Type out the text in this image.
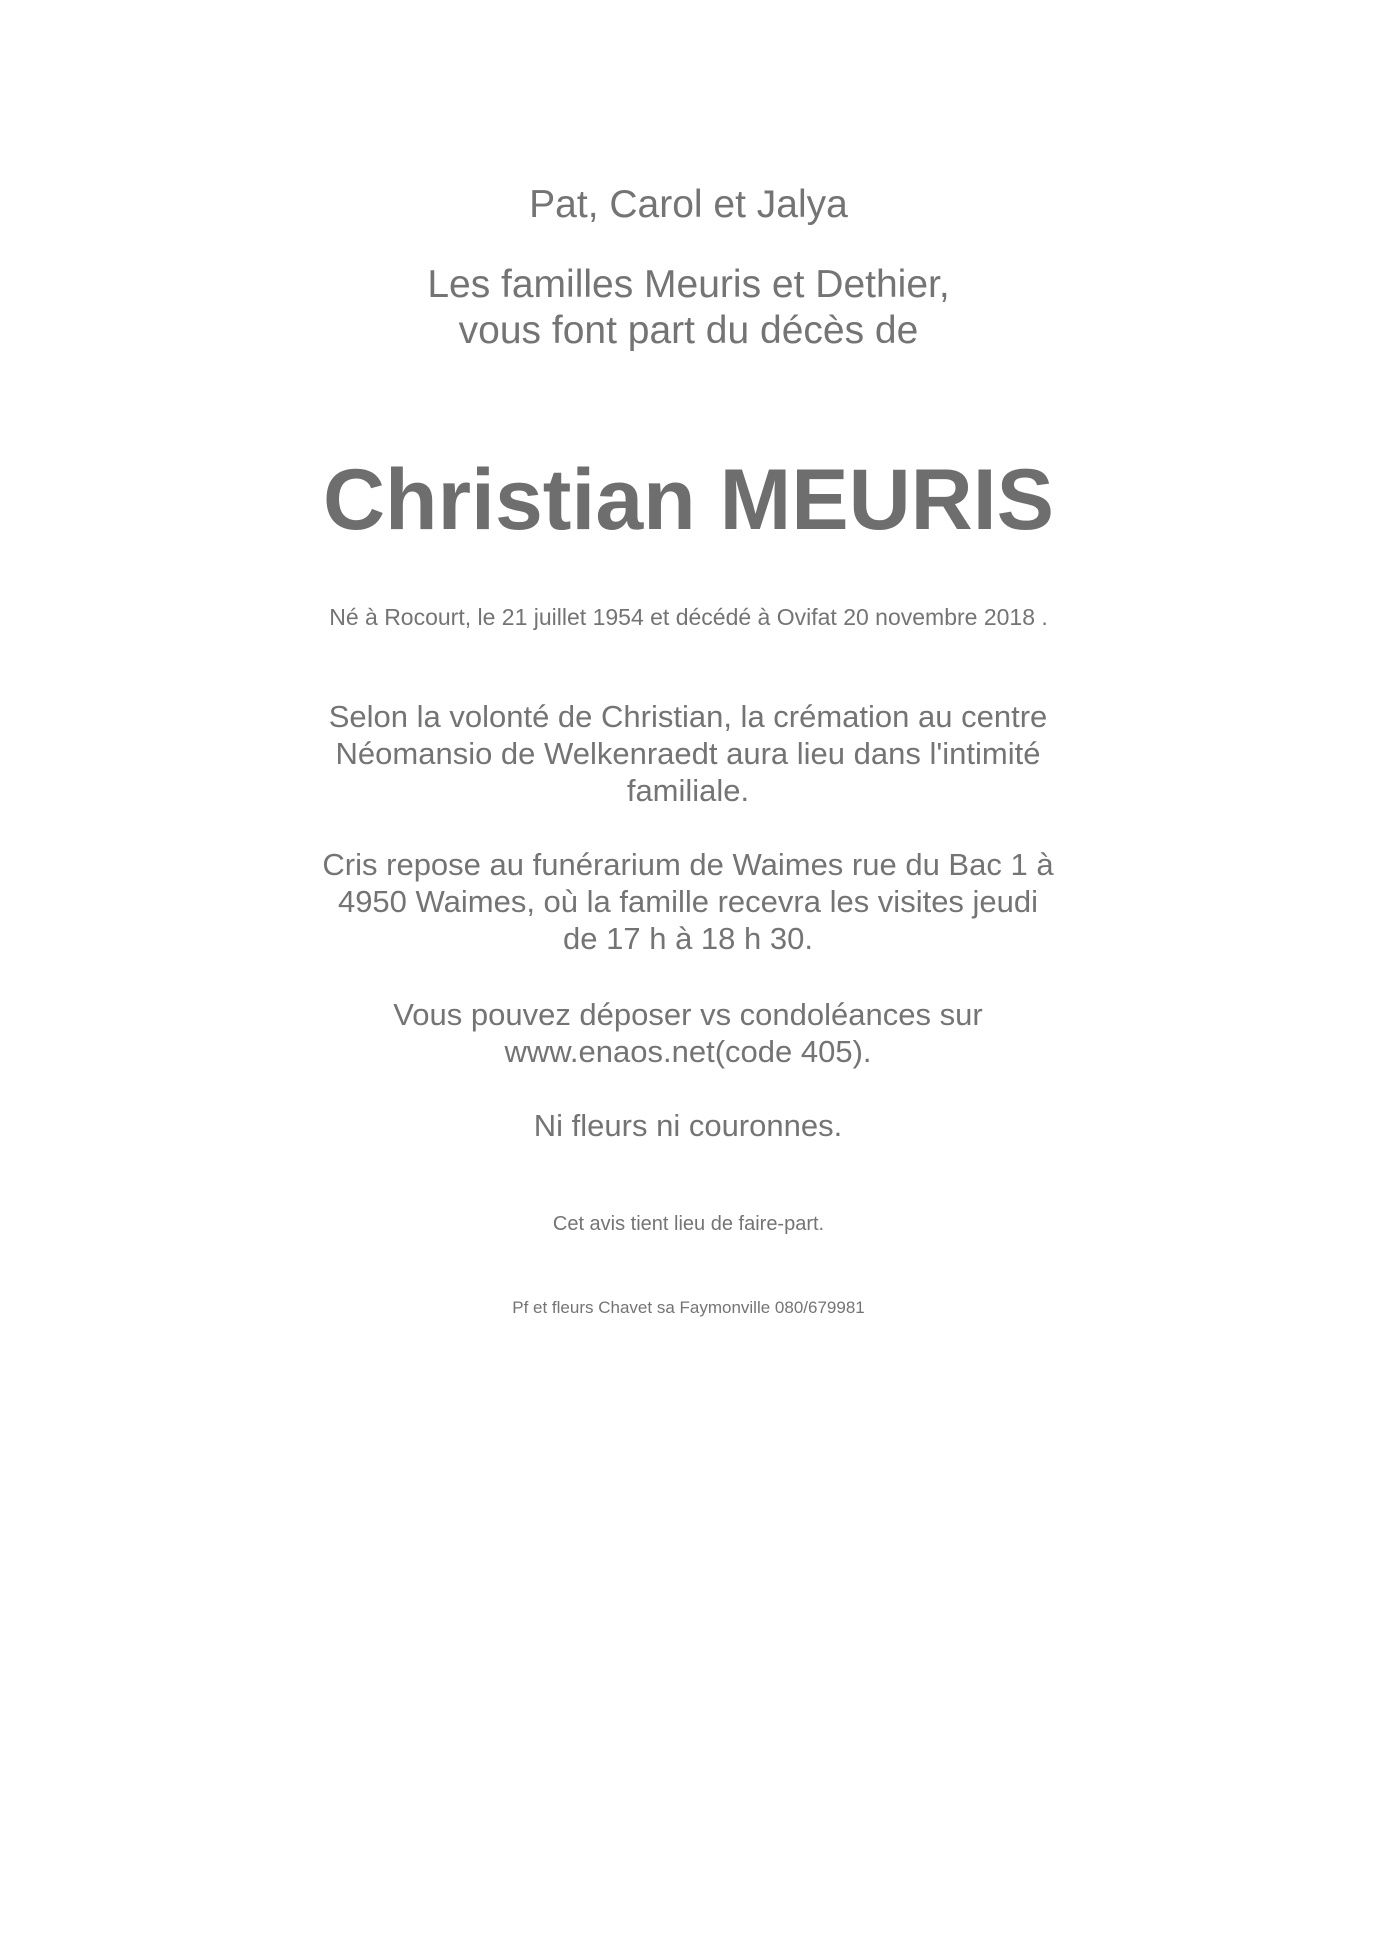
Pat, Carol et Jalya
Les familles Meuris et Dethier,
vous font part du décès de
Christian MEURIS
Né à Rocourt, le 21 juillet 1954 et décédé à Ovifat 20 novembre 2018 .
Selon la volonté de Christian, la crémation au centre
Néomansio de Welkenraedt aura lieu dans l'intimité
familiale.
Cris repose au funérarium de Waimes rue du Bac 1 à
4950 Waimes, où la famille recevra les visites jeudi
de 17 h à 18 h 30.
Vous pouvez déposer vs condoléances sur
www.enaos.net(code 405).
Ni fleurs ni couronnes.
Cet avis tient lieu de faire-part.
Pf et fleurs Chavet sa Faymonville 080/679981
